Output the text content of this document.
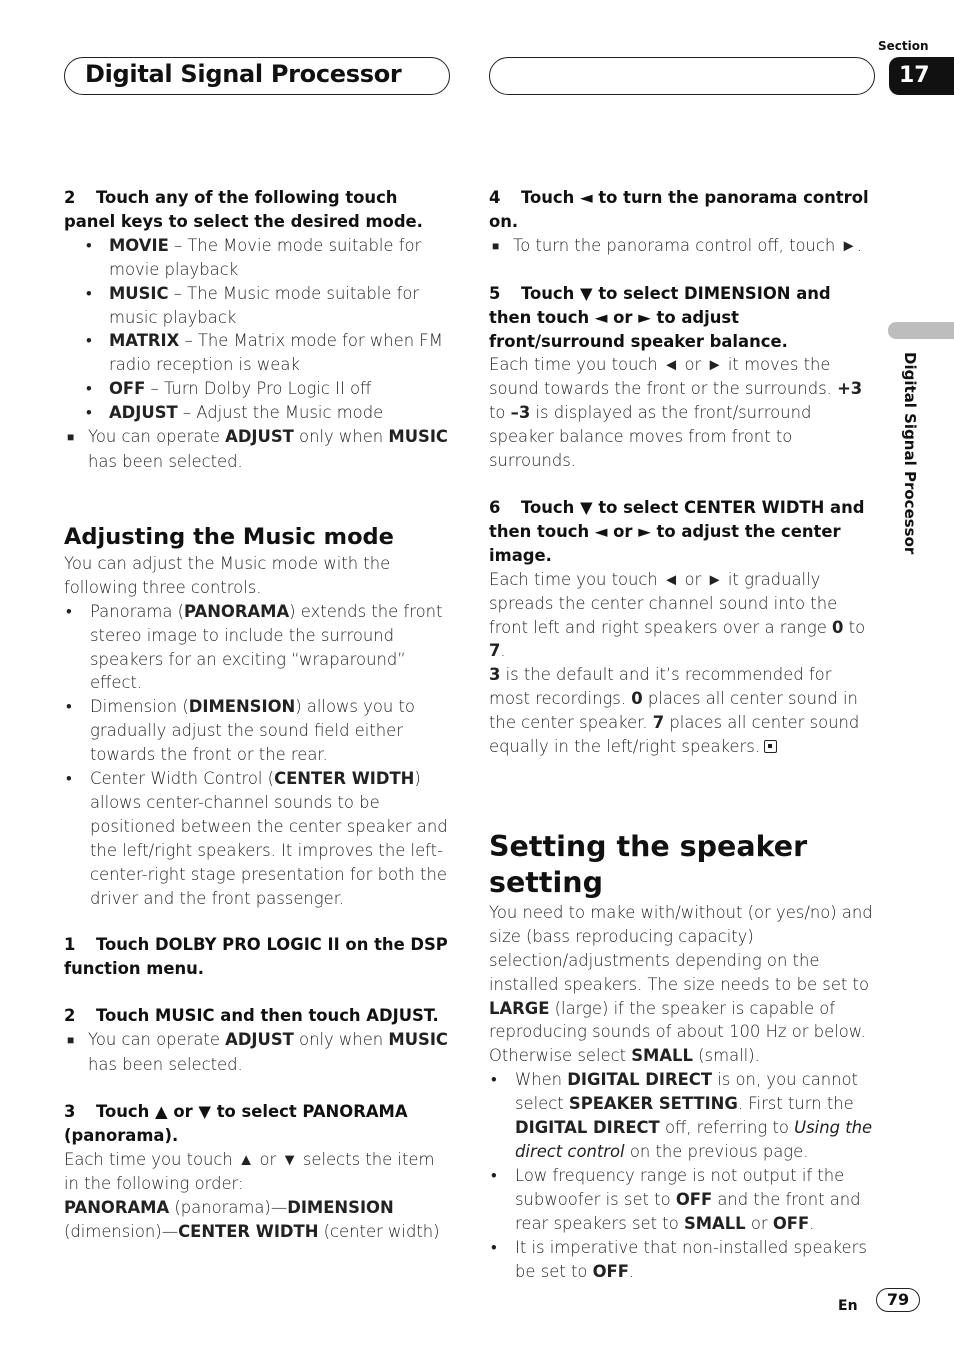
Digital Signal Processor
Section
17
Digital Signal Processor

2 Touch any of the following touch panel keys to select the desired mode.

• MOVIE – The Movie mode suitable for movie playback
• MUSIC – The Music mode suitable for music playback
• MATRIX – The Matrix mode for when FM radio reception is weak
• OFF – Turn Dolby Pro Logic II off
• ADJUST – Adjust the Music mode

■ You can operate ADJUST only when MUSIC has been selected.

Adjusting the Music mode

You can adjust the Music mode with the following three controls.

• Panorama (PANORAMA) extends the front stereo image to include the surround speakers for an exciting “wraparound” effect.
• Dimension (DIMENSION) allows you to gradually adjust the sound field either towards the front or the rear.
• Center Width Control (CENTER WIDTH) allows center-channel sounds to be positioned between the center speaker and the left/right speakers. It improves the left-center-right stage presentation for both the driver and the front passenger.

1 Touch DOLBY PRO LOGIC II on the DSP function menu.

2 Touch MUSIC and then touch ADJUST.

■ You can operate ADJUST only when MUSIC has been selected.

3 Touch ▲ or ▼ to select PANORAMA (panorama).

Each time you touch ▲ or ▼ selects the item in the following order:

PANORAMA (panorama)—DIMENSION (dimension)—CENTER WIDTH (center width)

4 Touch ◄ to turn the panorama control on.

■ To turn the panorama control off, touch ►.

5 Touch ▼ to select DIMENSION and then touch ◄ or ► to adjust front/surround speaker balance.

Each time you touch ◄ or ► it moves the sound towards the front or the surrounds. +3 to –3 is displayed as the front/surround speaker balance moves from front to surrounds.

6 Touch ▼ to select CENTER WIDTH and then touch ◄ or ► to adjust the center image.

Each time you touch ◄ or ► it gradually spreads the center channel sound into the front left and right speakers over a range 0 to 7.

3 is the default and it’s recommended for most recordings. 0 places all center sound in the center speaker. 7 places all center sound equally in the left/right speakers.

Setting the speaker setting

You need to make with/without (or yes/no) and size (bass reproducing capacity) selection/adjustments depending on the installed speakers. The size needs to be set to LARGE (large) if the speaker is capable of reproducing sounds of about 100 Hz or below. Otherwise select SMALL (small).

• When DIGITAL DIRECT is on, you cannot select SPEAKER SETTING. First turn the DIGITAL DIRECT off, referring to Using the direct control on the previous page.
• Low frequency range is not output if the subwoofer is set to OFF and the front and rear speakers set to SMALL or OFF.
• It is imperative that non-installed speakers be set to OFF.
En	79
